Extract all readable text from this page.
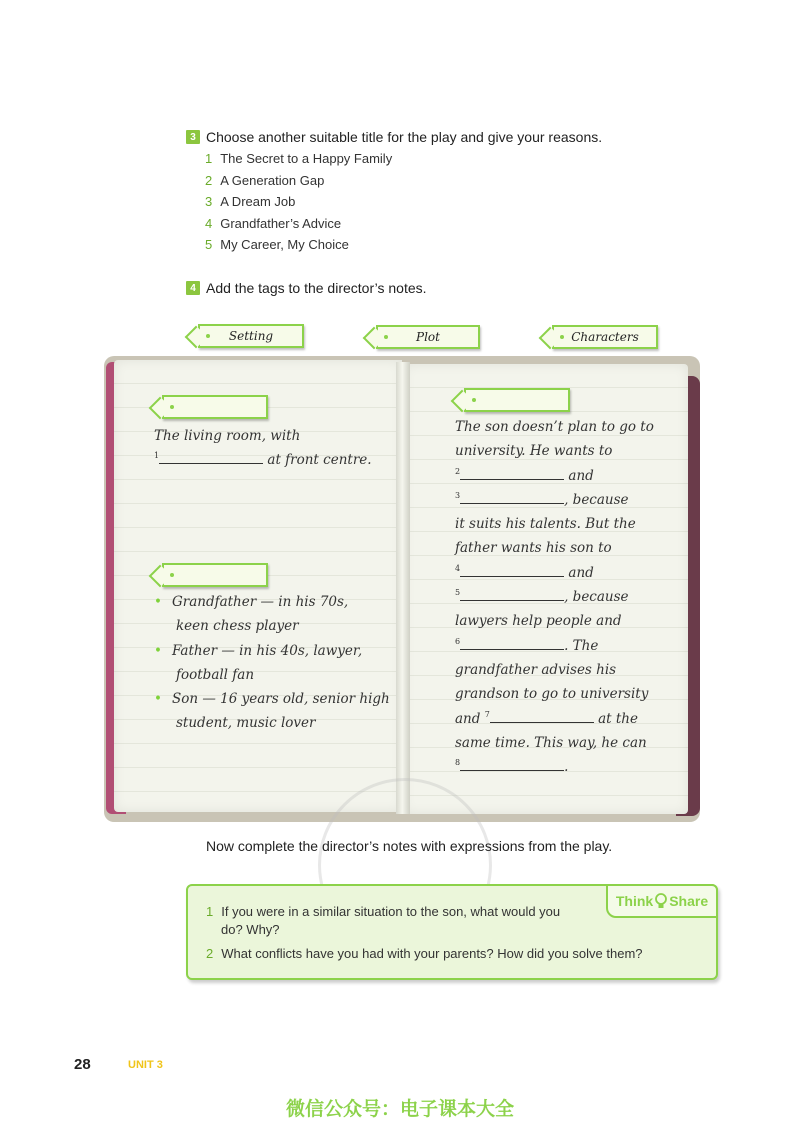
3 Choose another suitable title for the play and give your reasons.
1 The Secret to a Happy Family
2 A Generation Gap
3 A Dream Job
4 Grandfather’s Advice
5 My Career, My Choice
4 Add the tags to the director’s notes.
Setting	Plot	Characters
The living room, with
$^1$	at front centre.
• Grandfather — in his 70s,
keen chess player
• Father — in his 40s, lawyer,
football fan
• Son — 16 years old, senior high
student, music lover
The son doesn’t plan to go to
university. He wants to
$^2$	and
$^3$	, because
it suits his talents. But the
father wants his son to
$^4$	and
$^5$	, because
lawyers help people and
$^6$	. The
grandfather advises his
grandson to go to university
and $^7$	at the
same time. This way, he can
$^8$	.
Now complete the director’s notes with expressions from the play.
Think Share
1 If you were in a similar situation to the son, what would you
do? Why?
2 What conflicts have you had with your parents? How did you solve them?
28	UNIT 3
微信公众号：电子课本大全
